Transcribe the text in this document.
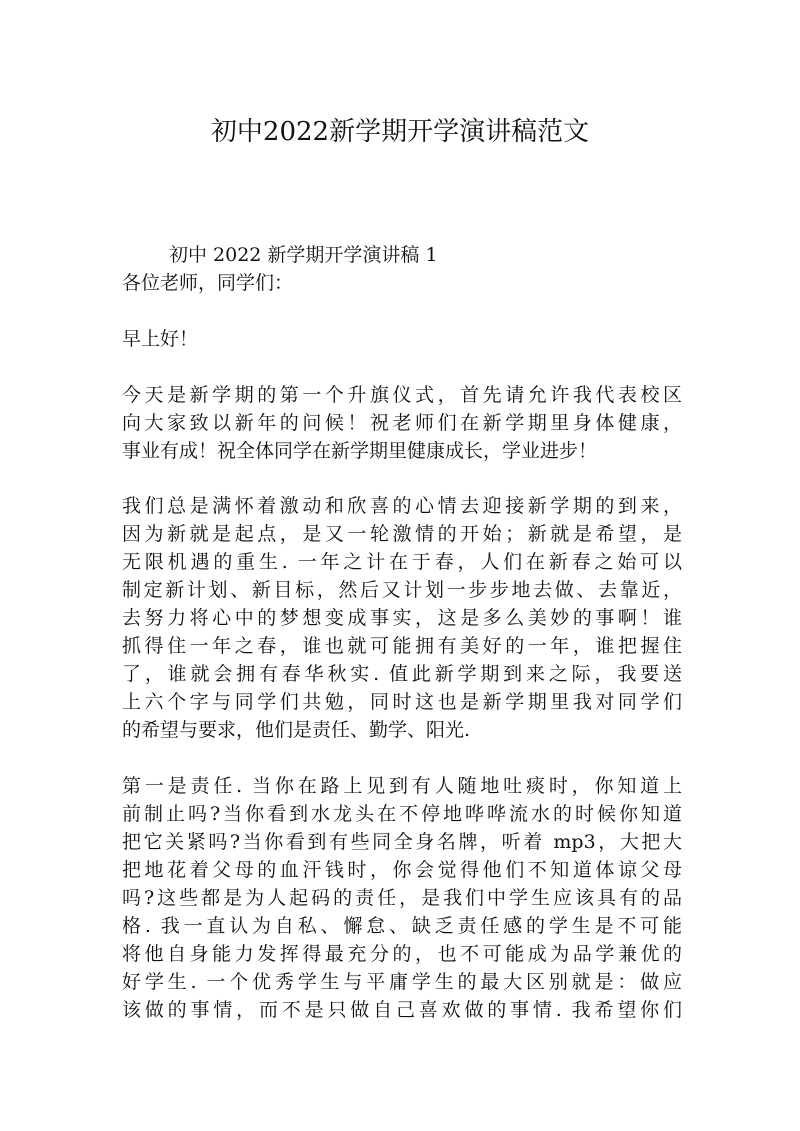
初中2022新学期开学演讲稿范文

初中 2022 新学期开学演讲稿 1

各位老师，同学们：

早上好！

今天是新学期的第一个升旗仪式，首先请允许我代表校区

向大家致以新年的问候！祝老师们在新学期里身体健康，

事业有成！祝全体同学在新学期里健康成长，学业进步！

我们总是满怀着激动和欣喜的心情去迎接新学期的到来，

因为新就是起点，是又一轮激情的开始；新就是希望，是

无限机遇的重生. 一年之计在于春，人们在新春之始可以

制定新计划、新目标，然后又计划一步步地去做、去靠近，

去努力将心中的梦想变成事实，这是多么美妙的事啊！谁

抓得住一年之春，谁也就可能拥有美好的一年，谁把握住

了，谁就会拥有春华秋实. 值此新学期到来之际，我要送

上六个字与同学们共勉，同时这也是新学期里我对同学们

的希望与要求，他们是责任、勤学、阳光.

第一是责任. 当你在路上见到有人随地吐痰时，你知道上

前制止吗?当你看到水龙头在不停地哗哗流水的时候你知道

把它关紧吗?当你看到有些同全身名牌，听着 mp3，大把大

把地花着父母的血汗钱时，你会觉得他们不知道体谅父母

吗?这些都是为人起码的责任，是我们中学生应该具有的品

格. 我一直认为自私、懈怠、缺乏责任感的学生是不可能

将他自身能力发挥得最充分的，也不可能成为品学兼优的

好学生. 一个优秀学生与平庸学生的最大区别就是：做应

该做的事情，而不是只做自己喜欢做的事情. 我希望你们
